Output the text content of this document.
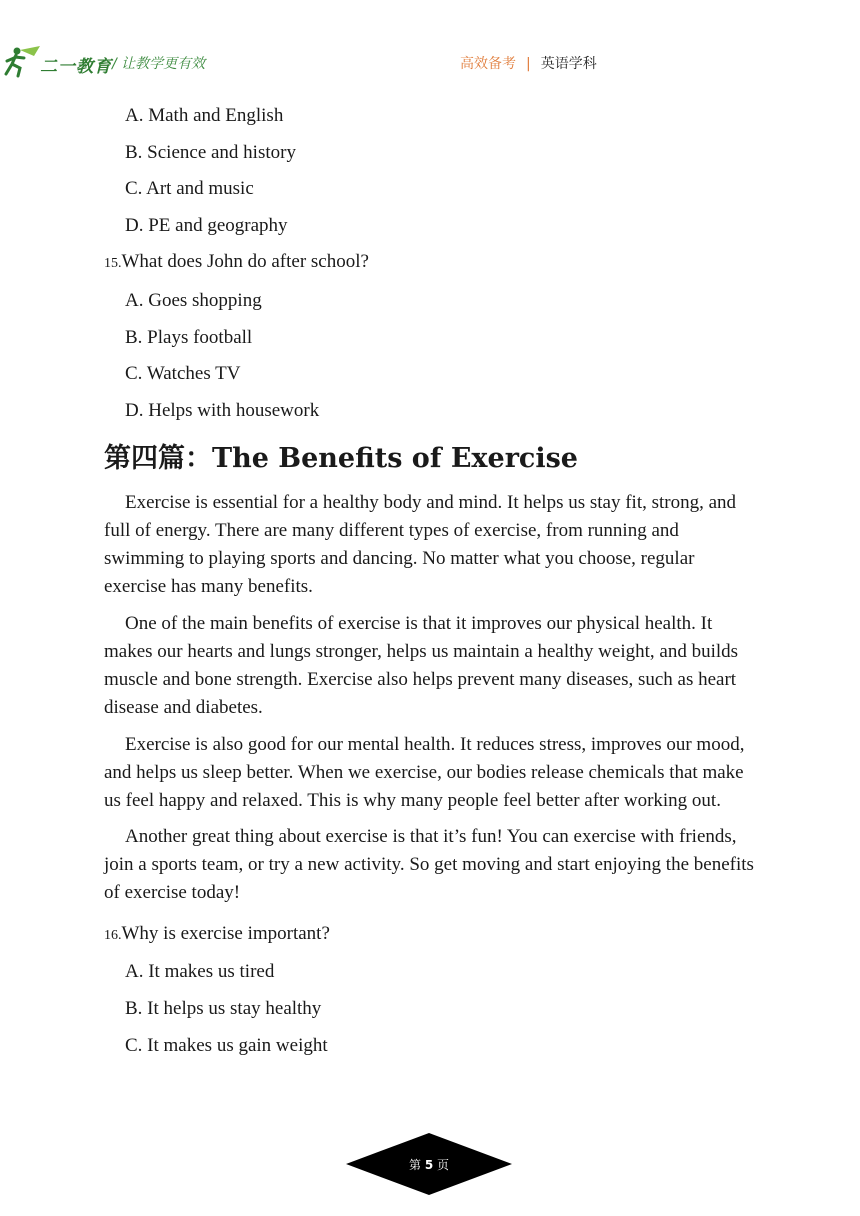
二一教育 / 让教学更有效	高效备考 | 英语学科
A. Math and English
B. Science and history
C. Art and music
D. PE and geography
15.What does John do after school?
A. Goes shopping
B. Plays football
C. Watches TV
D. Helps with housework
第四篇：The Benefits of Exercise

Exercise is essential for a healthy body and mind. It helps us stay fit, strong, and full of energy. There are many different types of exercise, from running and swimming to playing sports and dancing. No matter what you choose, regular exercise has many benefits.

One of the main benefits of exercise is that it improves our physical health. It makes our hearts and lungs stronger, helps us maintain a healthy weight, and builds muscle and bone strength. Exercise also helps prevent many diseases, such as heart disease and diabetes.

Exercise is also good for our mental health. It reduces stress, improves our mood, and helps us sleep better. When we exercise, our bodies release chemicals that make us feel happy and relaxed. This is why many people feel better after working out.

Another great thing about exercise is that it’s fun! You can exercise with friends, join a sports team, or try a new activity. So get moving and start enjoying the benefits of exercise today!

16.Why is exercise important?
A. It makes us tired
B. It helps us stay healthy
C. It makes us gain weight
第 5 页
